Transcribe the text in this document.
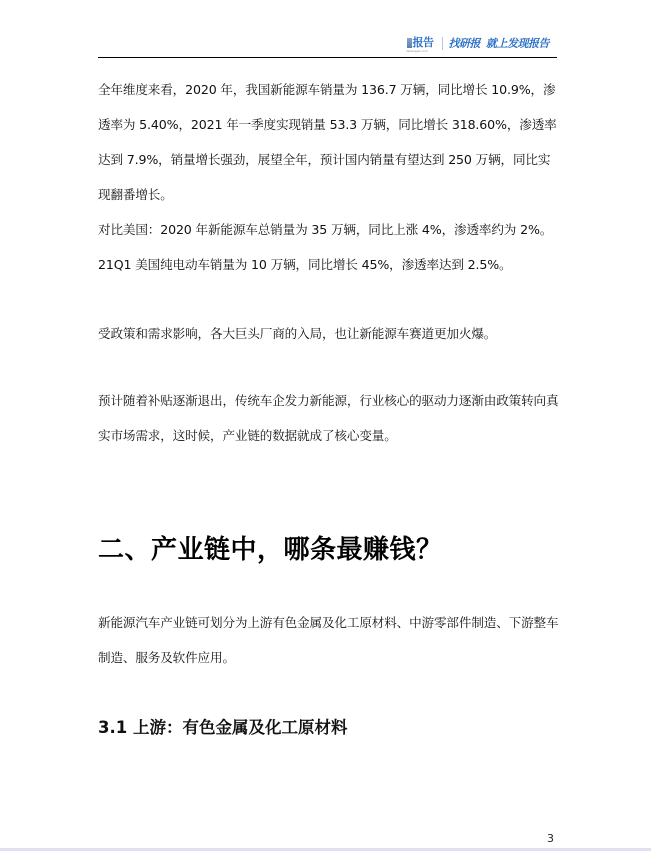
报告
fxbaogao.com
找研报 就上发现报告

全年维度来看，2020 年，我国新能源车销量为 136.7 万辆，同比增长 10.9%，渗透率为 5.40%，2021 年一季度实现销量 53.3 万辆，同比增长 318.60%，渗透率达到 7.9%，销量增长强劲，展望全年，预计国内销量有望达到 250 万辆，同比实现翻番增长。

对比美国：2020 年新能源车总销量为 35 万辆，同比上涨 4%，渗透率约为 2%。21Q1 美国纯电动车销量为 10 万辆，同比增长 45%，渗透率达到 2.5%。

受政策和需求影响，各大巨头厂商的入局，也让新能源车赛道更加火爆。

预计随着补贴逐渐退出，传统车企发力新能源，行业核心的驱动力逐渐由政策转向真实市场需求，这时候，产业链的数据就成了核心变量。

二、产业链中，哪条最赚钱？

新能源汽车产业链可划分为上游有色金属及化工原材料、中游零部件制造、下游整车制造、服务及软件应用。

3.1 上游：有色金属及化工原材料
3
